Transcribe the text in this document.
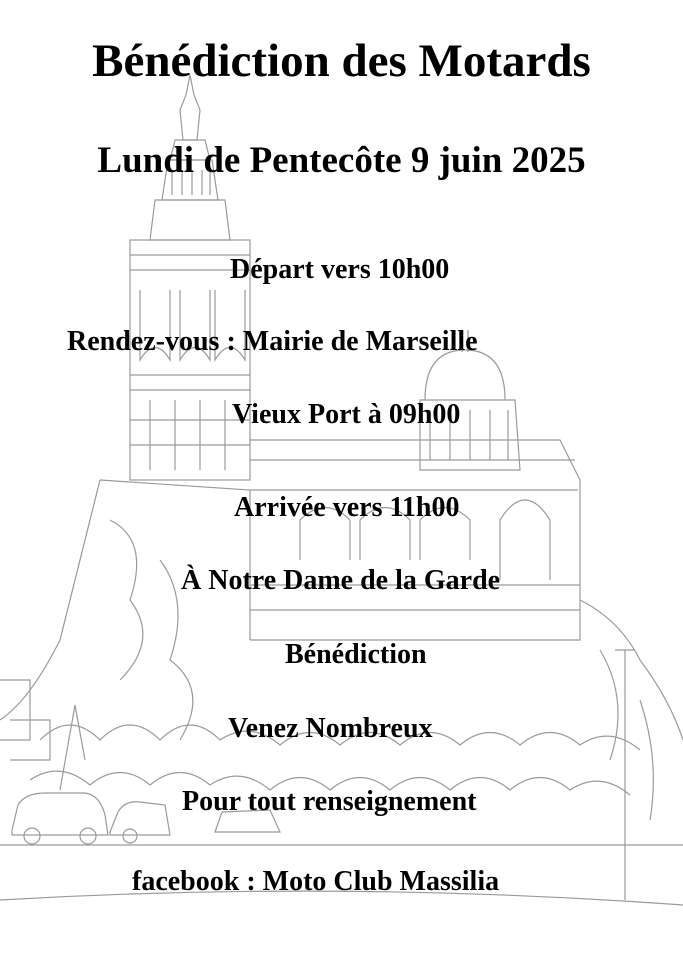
Bénédiction des Motards
Lundi de Pentecôte 9 juin 2025
Départ vers 10h00
Rendez-vous : Mairie de Marseille
Vieux Port à 09h00
Arrivée vers 11h00
À Notre Dame de la Garde
Bénédiction
Venez Nombreux
Pour tout renseignement
facebook : Moto Club Massilia
